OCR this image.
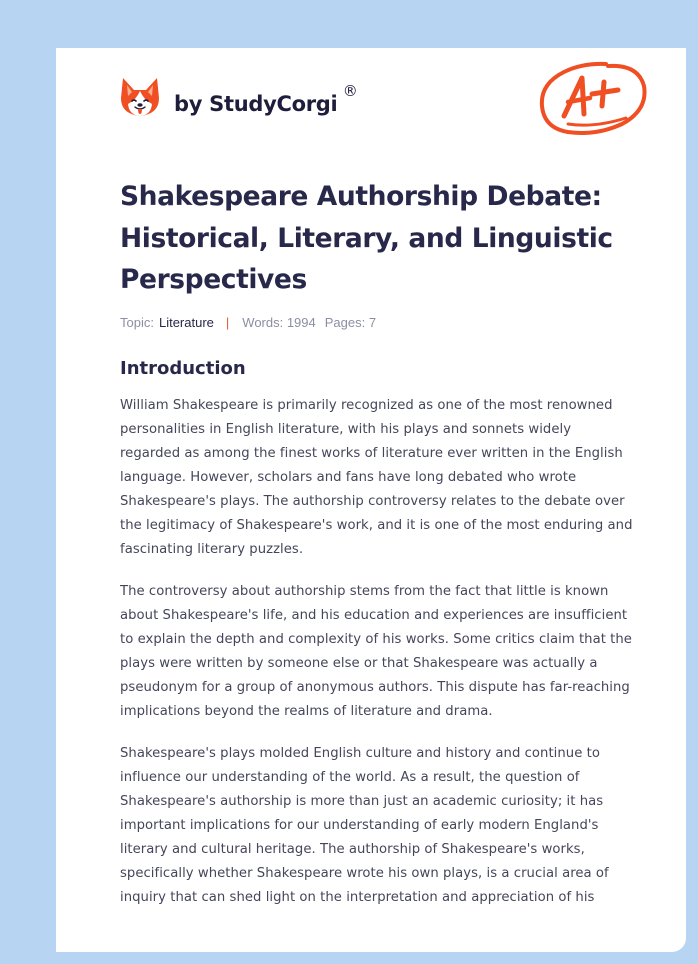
by StudyCorgi
®
Shakespeare Authorship Debate: Historical, Literary, and Linguistic Perspectives
Topic: Literature | Words: 1994 Pages: 7
Introduction

William Shakespeare is primarily recognized as one of the most renowned personalities in English literature, with his plays and sonnets widely regarded as among the finest works of literature ever written in the English language. However, scholars and fans have long debated who wrote Shakespeare's plays. The authorship controversy relates to the debate over the legitimacy of Shakespeare's work, and it is one of the most enduring and fascinating literary puzzles.

The controversy about authorship stems from the fact that little is known about Shakespeare's life, and his education and experiences are insufficient to explain the depth and complexity of his works. Some critics claim that the plays were written by someone else or that Shakespeare was actually a pseudonym for a group of anonymous authors. This dispute has far-reaching implications beyond the realms of literature and drama.

Shakespeare's plays molded English culture and history and continue to influence our understanding of the world. As a result, the question of Shakespeare's authorship is more than just an academic curiosity; it has important implications for our understanding of early modern England's literary and cultural heritage. The authorship of Shakespeare's works, specifically whether Shakespeare wrote his own plays, is a crucial area of inquiry that can shed light on the interpretation and appreciation of his
